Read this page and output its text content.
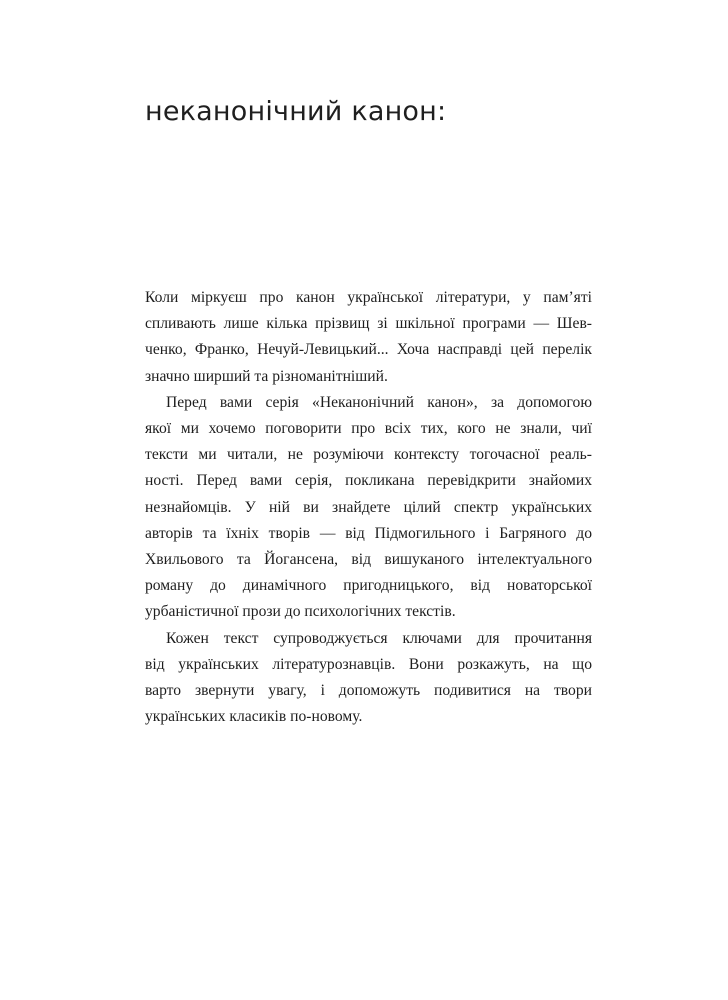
неканонічний канон:
Коли міркуєш про канон української літератури, у пам’яті
спливають лише кілька прізвищ зі шкільної програми — Шев-
ченко, Франко, Нечуй-Левицький... Хоча насправді цей перелік
значно ширший та різноманітніший.
Перед вами серія «Неканонічний канон», за допомогою
якої ми хочемо поговорити про всіх тих, кого не знали, чиї
тексти ми читали, не розуміючи контексту тогочасної реаль-
ності. Перед вами серія, покликана перевідкрити знайомих
незнайомців. У ній ви знайдете цілий спектр українських
авторів та їхніх творів — від Підмогильного і Багряного до
Хвильового та Йогансена, від вишуканого інтелектуального
роману до динамічного пригодницького, від новаторської
урбаністичної прози до психологічних текстів.
Кожен текст супроводжується ключами для прочитання
від українських літературознавців. Вони розкажуть, на що
варто звернути увагу, і допоможуть подивитися на твори
українських класиків по-новому.
